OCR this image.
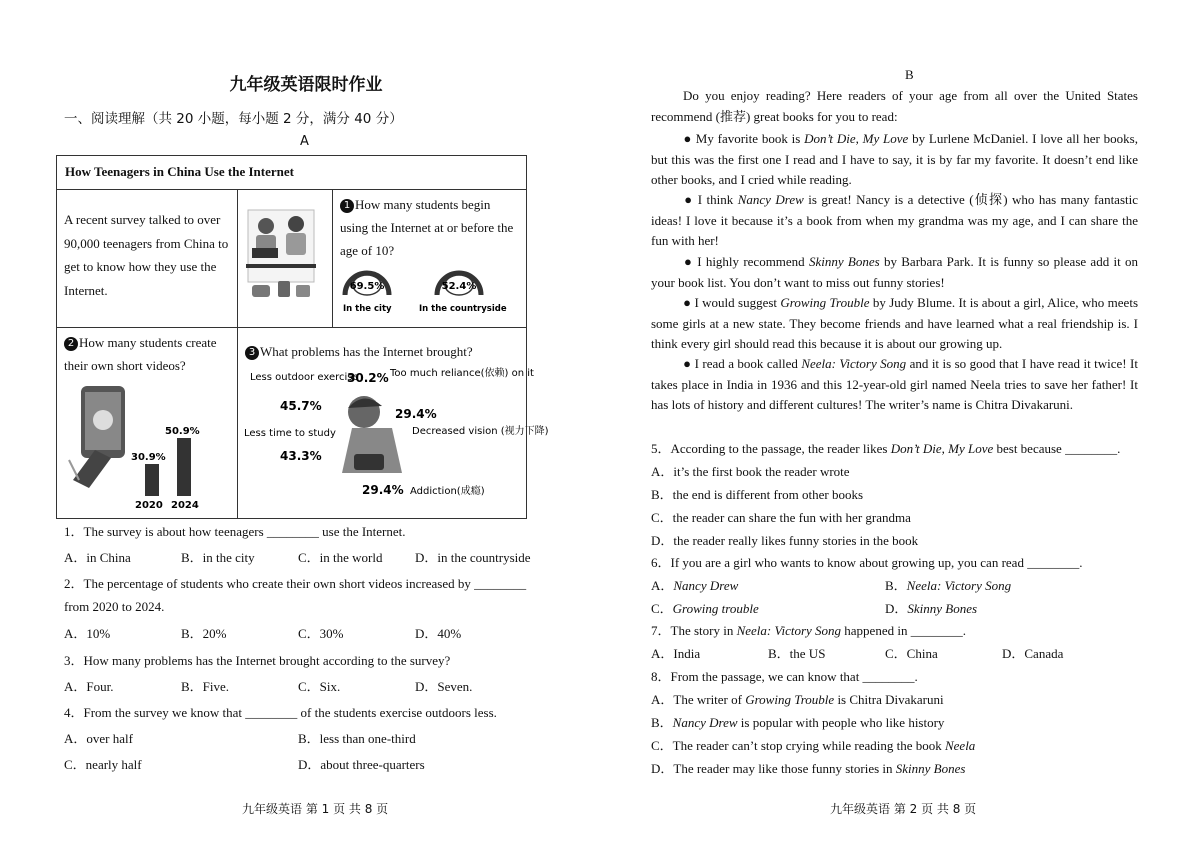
九年级英语限时作业
一、阅读理解（共 20 小题，每小题 2 分，满分 40 分）
A
How Teenagers in China Use the Internet
A recent survey talked to over 90,000 teenagers from China to get to know how they use the Internet.
1 How many students begin using the Internet at or before the age of 10?
69.5%
In the city
52.4%
In the countryside
2 How many students create their own short videos?
30.9%
50.9%
2020 2024
3 What problems has the Internet brought?
Less outdoor exercise
45.7%
30.2% Too much reliance(依赖) on it
29.4%
Decreased vision (视力下降)
Less time to study
43.3%
29.4% Addiction(成瘾)
1．The survey is about how teenagers ________ use the Internet.
A．in China	B．in the city	C．in the world	D．in the countryside
2．The percentage of students who create their own short videos increased by ________
from 2020 to 2024.
A．10%	B．20%	C．30%	D．40%
3．How many problems has the Internet brought according to the survey?
A．Four.	B．Five.	C．Six.	D．Seven.
4．From the survey we know that ________ of the students exercise outdoors less.
A．over half	B．less than one-third
C．nearly half	D．about three-quarters
九年级英语 第 1 页 共 8 页
B
Do you enjoy reading? Here readers of your age from all over the United States recommend (推荐) great books for you to read:
● My favorite book is Don’t Die, My Love by Lurlene McDaniel. I love all her books, but this was the first one I read and I have to say, it is by far my favorite. It doesn’t end like other books, and I cried while reading.
● I think Nancy Drew is great! Nancy is a detective (侦探) who has many fantastic ideas! I love it because it’s a book from when my grandma was my age, and I can share the fun with her!
● I highly recommend Skinny Bones by Barbara Park. It is funny so please add it on your book list. You don’t want to miss out funny stories!
● I would suggest Growing Trouble by Judy Blume. It is about a girl, Alice, who meets some girls at a new state. They become friends and have learned what a real friendship is. I think every girl should read this because it is about our growing up.
● I read a book called Neela: Victory Song and it is so good that I have read it twice! It takes place in India in 1936 and this 12-year-old girl named Neela tries to save her father! It has lots of history and different cultures! The writer’s name is Chitra Divakaruni.
5．According to the passage, the reader likes Don’t Die, My Love best because ________.
A．it’s the first book the reader wrote
B．the end is different from other books
C．the reader can share the fun with her grandma
D．the reader really likes funny stories in the book
6．If you are a girl who wants to know about growing up, you can read ________.
A．Nancy Drew	B．Neela: Victory Song
C．Growing trouble	D．Skinny Bones
7．The story in Neela: Victory Song happened in ________.
A．India	B．the US	C．China	D．Canada
8．From the passage, we can know that ________.
A．The writer of Growing Trouble is Chitra Divakaruni
B．Nancy Drew is popular with people who like history
C．The reader can’t stop crying while reading the book Neela
D．The reader may like those funny stories in Skinny Bones
九年级英语 第 2 页 共 8 页
